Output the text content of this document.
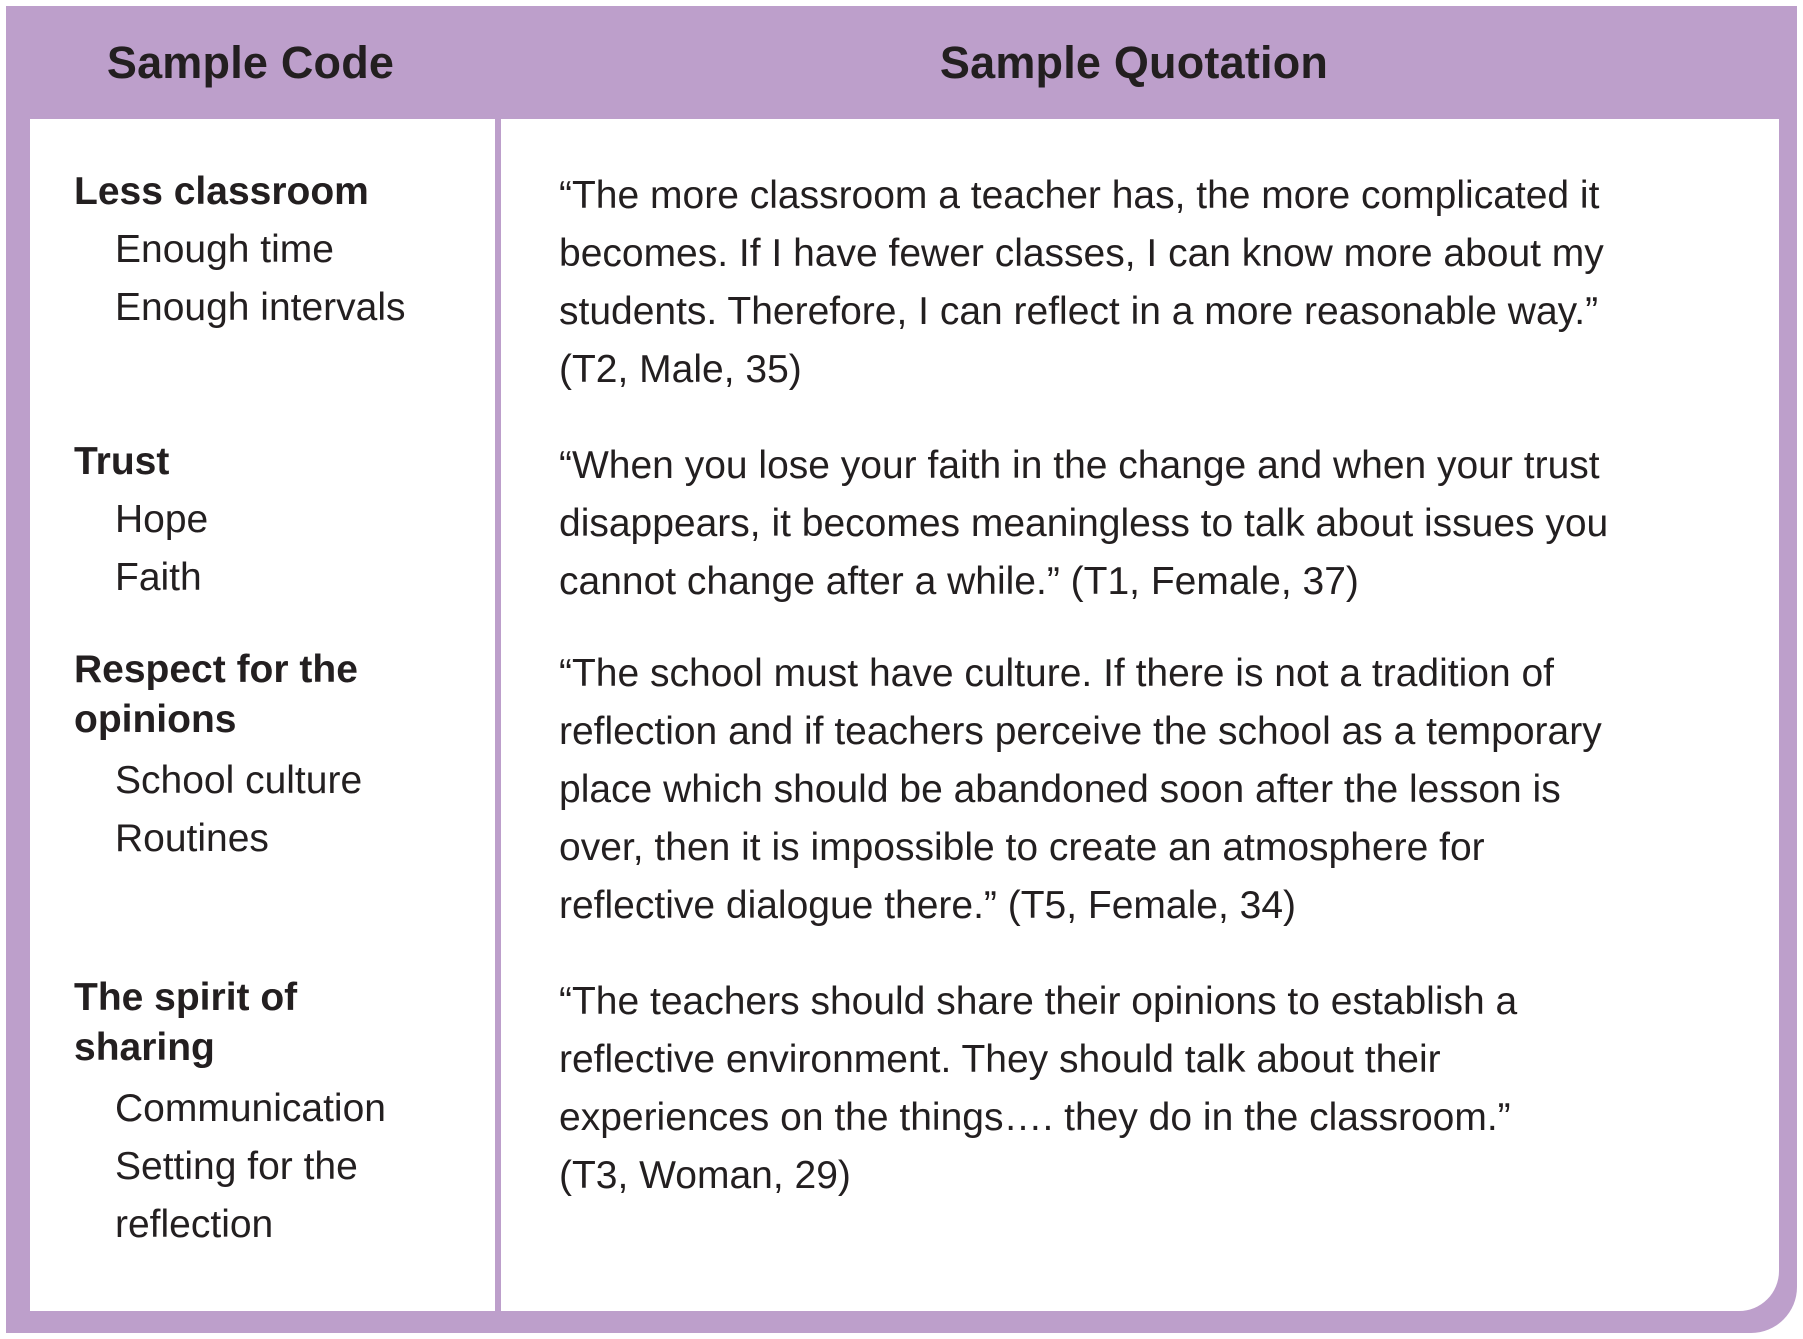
Sample Code	Sample Quotation

Less classroom

Enough time

Enough intervals

“The more classroom a teacher has, the more complicated it
becomes. If I have fewer classes, I can know more about my
students. Therefore, I can reflect in a more reasonable way.”
(T2, Male, 35)

Trust

Hope

Faith

“When you lose your faith in the change and when your trust
disappears, it becomes meaningless to talk about issues you
cannot change after a while.” (T1, Female, 37)

Respect for the
opinions

School culture

Routines

“The school must have culture. If there is not a tradition of
reflection and if teachers perceive the school as a temporary
place which should be abandoned soon after the lesson is
over, then it is impossible to create an atmosphere for
reflective dialogue there.” (T5, Female, 34)

The spirit of
sharing

Communication

Setting for the
reflection

“The teachers should share their opinions to establish a
reflective environment. They should talk about their
experiences on the things…. they do in the classroom.”
(T3, Woman, 29)
